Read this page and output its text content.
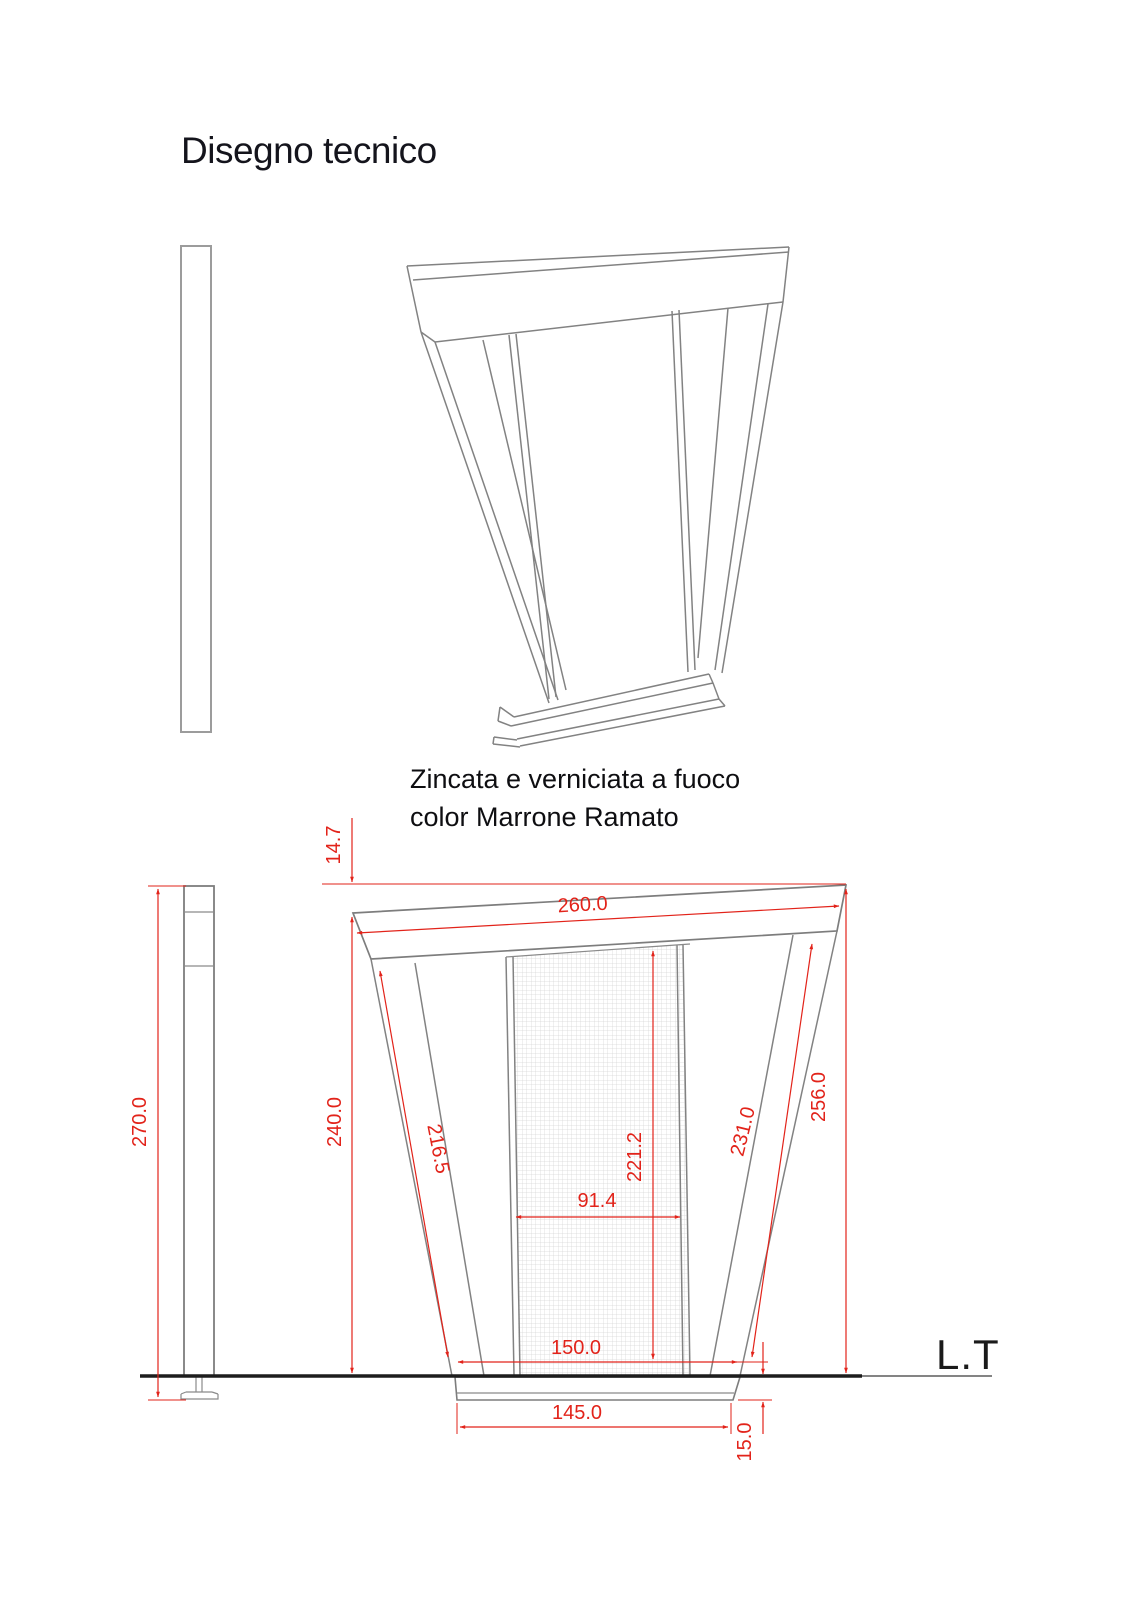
Disegno tecnico
Zincata e verniciata a fuoco
color Marrone Ramato
L.T
14.7
260.0
270.0	240.0
216.5	221.2
91.4
231.0
256.0
150.0
145.0
15.0
